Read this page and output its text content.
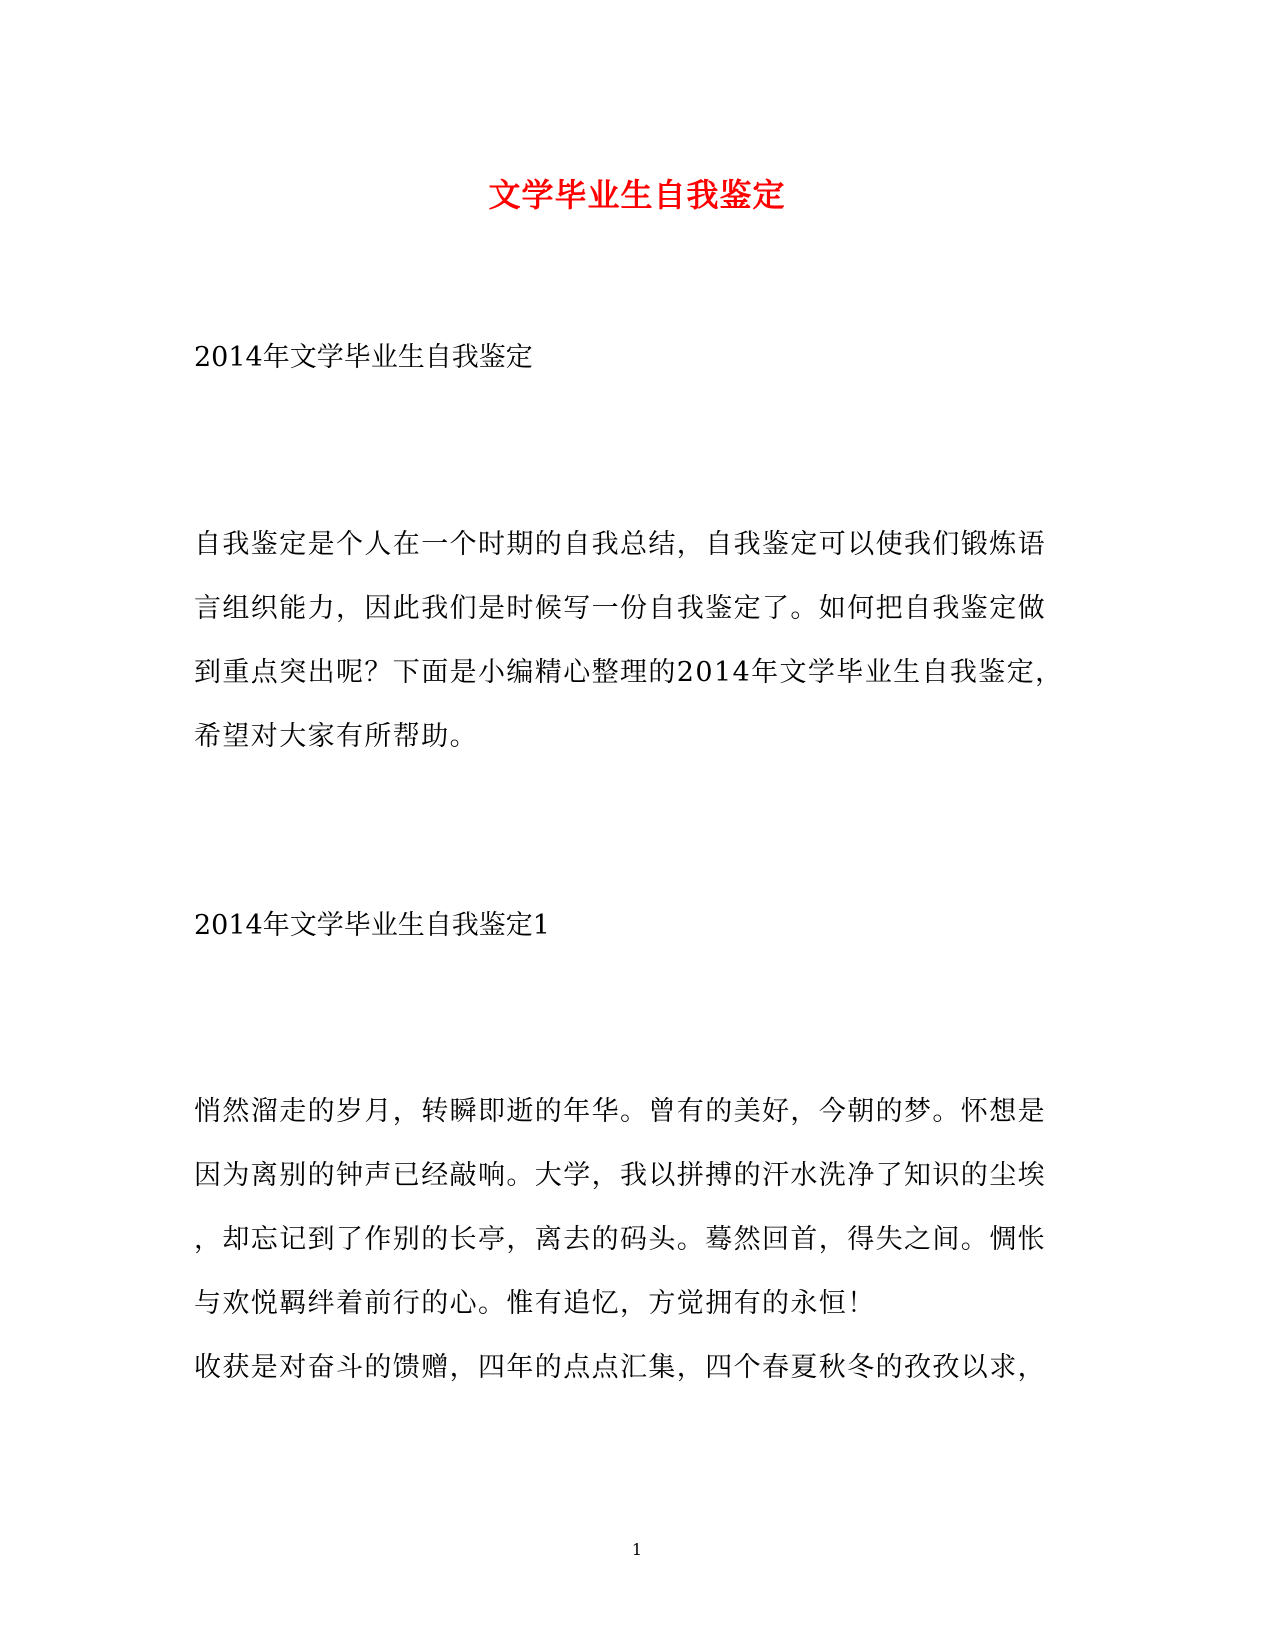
文学毕业生自我鉴定
2014年文学毕业生自我鉴定
自我鉴定是个人在一个时期的自我总结，自我鉴定可以使我们锻炼语
言组织能力，因此我们是时候写一份自我鉴定了。如何把自我鉴定做
到重点突出呢？下面是小编精心整理的2014年文学毕业生自我鉴定，
希望对大家有所帮助。
2014年文学毕业生自我鉴定1
悄然溜走的岁月，转瞬即逝的年华。曾有的美好，今朝的梦。怀想是
因为离别的钟声已经敲响。大学，我以拼搏的汗水洗净了知识的尘埃
，却忘记到了作别的长亭，离去的码头。蓦然回首，得失之间。惆怅
与欢悦羁绊着前行的心。惟有追忆，方觉拥有的永恒！
收获是对奋斗的馈赠，四年的点点汇集，四个春夏秋冬的孜孜以求，
1
